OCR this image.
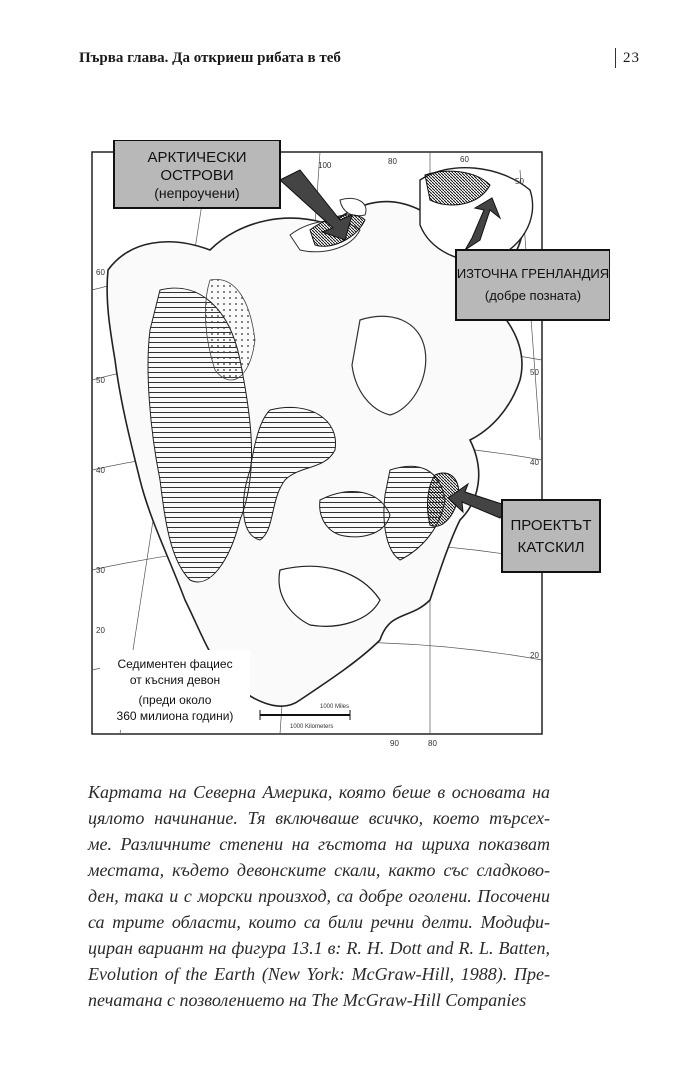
Първа глава. Да откриеш рибата в теб	23
100	80	60
50
60
50
40
30
20
50
40
20
90	80
АРКТИЧЕСКИ
ОСТРОВИ
(непроучени)
ИЗТОЧНА ГРЕНЛАНДИЯ
(добре позната)
ПРОЕКТЪТ
КАТСКИЛ
Седиментен фациес
от късния девон
(преди около
360 милиона години)
1000 Miles
1000 Kilometers
Картата на Северна Америка, която беше в основата на
цялото начинание. Тя включваше всичко, което търсех-
ме. Различните степени на гъстота на щриха показват
местата, където девонските скали, както със сладково-
ден, така и с морски произход, са добре оголени. Посочени
са трите области, които са били речни делти. Модифи-
циран вариант на фигура 13.1 в: R. H. Dott and R. L. Batten,
Evolution of the Earth (New York: McGraw-Hill, 1988). Пре-
печатана с позволението на The McGraw-Hill Companies
